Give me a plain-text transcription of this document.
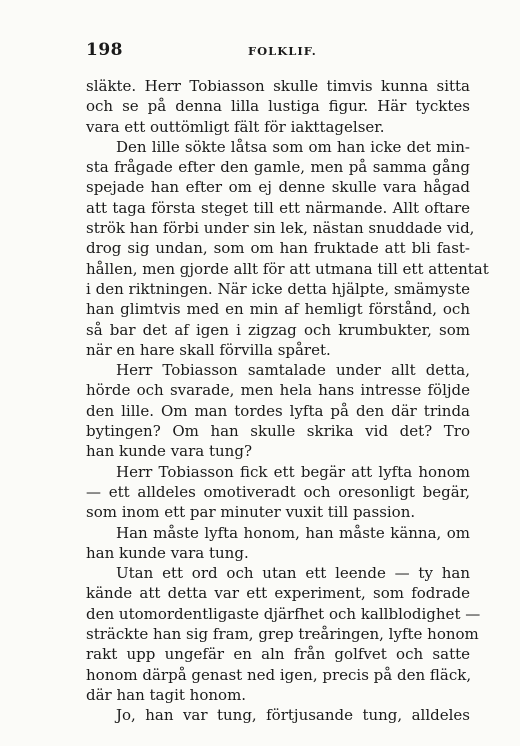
198	FOLKLIF.
släkte. Herr Tobiasson skulle timvis kunna sitta
och se på denna lilla lustiga figur. Här tycktes
vara ett outtömligt fält för iakttagelser.
Den lille sökte låtsa som om han icke det min-
sta frågade efter den gamle, men på samma gång
spejade han efter om ej denne skulle vara hågad
att taga första steget till ett närmande. Allt oftare
strök han förbi under sin lek, nästan snuddade vid,
drog sig undan, som om han fruktade att bli fast-
hållen, men gjorde allt för att utmana till ett attentat
i den riktningen. När icke detta hjälpte, smämyste
han glimtvis med en min af hemligt förstånd, och
så bar det af igen i zigzag och krumbukter, som
när en hare skall förvilla spåret.
Herr Tobiasson samtalade under allt detta,
hörde och svarade, men hela hans intresse följde
den lille. Om man tordes lyfta på den där trinda
bytingen? Om han skulle skrika vid det? Tro
han kunde vara tung?
Herr Tobiasson fick ett begär att lyfta honom
— ett alldeles omotiveradt och oresonligt begär,
som inom ett par minuter vuxit till passion.
Han måste lyfta honom, han måste känna, om
han kunde vara tung.
Utan ett ord och utan ett leende — ty han
kände att detta var ett experiment, som fodrade
den utomordentligaste djärfhet och kallblodighet —
sträckte han sig fram, grep treåringen, lyfte honom
rakt upp ungefär en aln från golfvet och satte
honom därpå genast ned igen, precis på den fläck,
där han tagit honom.
Jo, han var tung, förtjusande tung, alldeles
